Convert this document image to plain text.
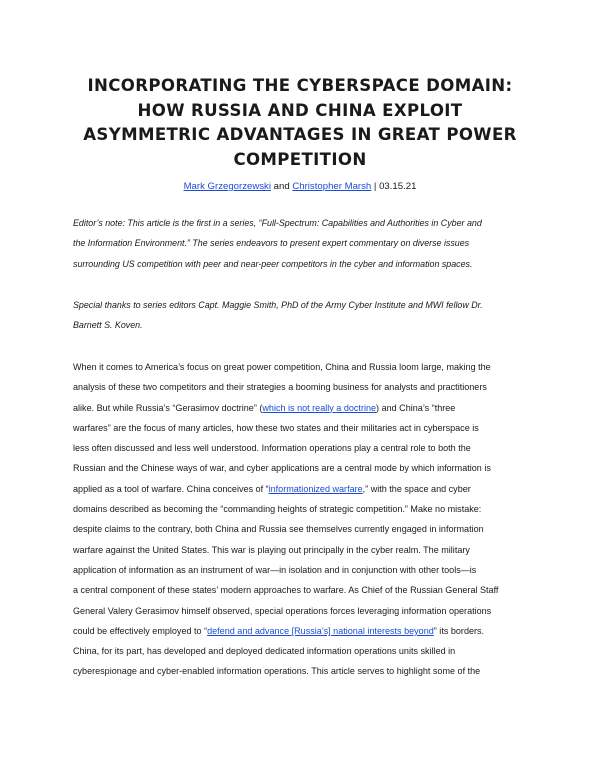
INCORPORATING THE CYBERSPACE DOMAIN:
HOW RUSSIA AND CHINA EXPLOIT
ASYMMETRIC ADVANTAGES IN GREAT POWER
COMPETITION
Mark Grzegorzewski and Christopher Marsh | 03.15.21
Editor’s note: This article is the first in a series, “Full-Spectrum: Capabilities and Authorities in Cyber and
the Information Environment.” The series endeavors to present expert commentary on diverse issues
surrounding US competition with peer and near-peer competitors in the cyber and information spaces.
Special thanks to series editors Capt. Maggie Smith, PhD of the Army Cyber Institute and MWI fellow Dr.
Barnett S. Koven.
When it comes to America’s focus on great power competition, China and Russia loom large, making the
analysis of these two competitors and their strategies a booming business for analysts and practitioners
alike. But while Russia’s “Gerasimov doctrine” (which is not really a doctrine) and China’s “three
warfares” are the focus of many articles, how these two states and their militaries act in cyberspace is
less often discussed and less well understood. Information operations play a central role to both the
Russian and the Chinese ways of war, and cyber applications are a central mode by which information is
applied as a tool of warfare. China conceives of “informationized warfare,” with the space and cyber
domains described as becoming the “commanding heights of strategic competition.” Make no mistake:
despite claims to the contrary, both China and Russia see themselves currently engaged in information
warfare against the United States. This war is playing out principally in the cyber realm. The military
application of information as an instrument of war—in isolation and in conjunction with other tools—is
a central component of these states’ modern approaches to warfare. As Chief of the Russian General Staff
General Valery Gerasimov himself observed, special operations forces leveraging information operations
could be effectively employed to “defend and advance [Russia’s] national interests beyond” its borders.
China, for its part, has developed and deployed dedicated information operations units skilled in
cyberespionage and cyber-enabled information operations. This article serves to highlight some of the
